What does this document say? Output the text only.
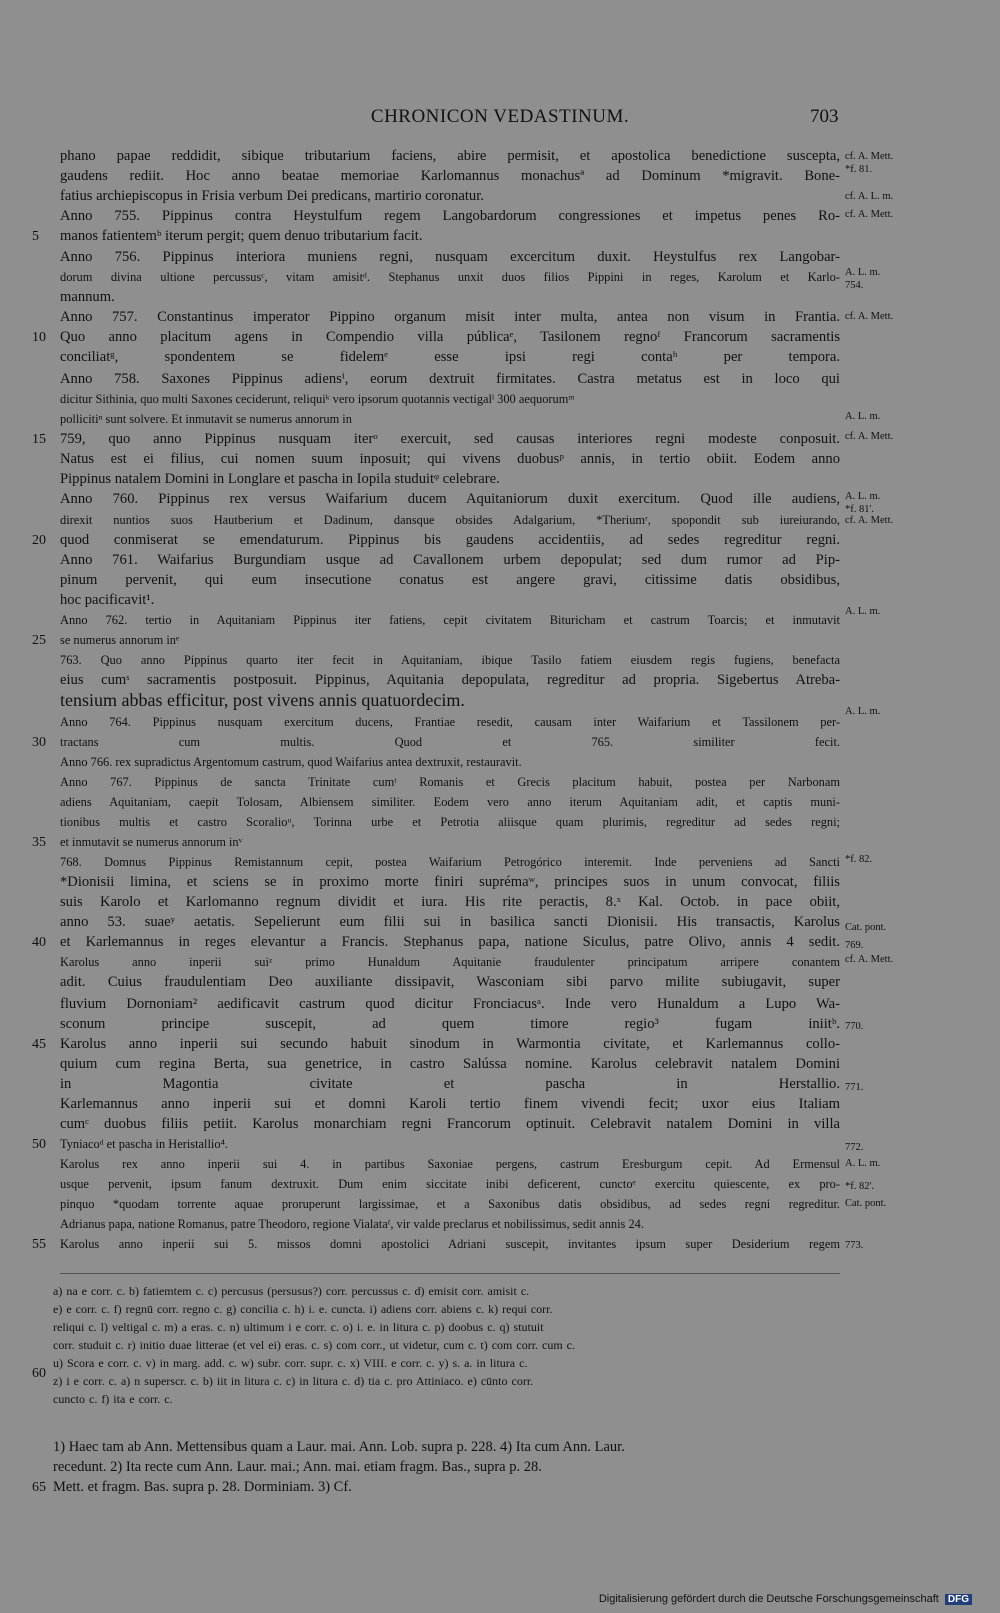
CHRONICON VEDASTINUM.	703
phano papae reddidit, sibique tributarium faciens, abire permisit, et apostolica benedictione suscepta,
gaudens rediit. Hoc anno beatae memoriae Karlomannus monachusª ad Dominum *migravit. Bone-
fatius archiepiscopus in Frisia verbum Dei predicans, martirio coronatur.
Anno 755. Pippinus contra Heystulfum regem Langobardorum congressiones et impetus penes Ro-
manos fatientemᵇ iterum pergit; quem denuo tributarium facit.
Anno 756. Pippinus interiora muniens regni, nusquam excercitum duxit. Heystulfus rex Langobar-
dorum divina ultione percussusᶜ, vitam amisitᵈ. Stephanus unxit duos filios Pippini in reges, Karolum et Karlo-
mannum.
Anno 757. Constantinus imperator Pippino organum misit inter multa, antea non visum in Frantia.
Quo anno placitum agens in Compendio villa públicaᵉ, Tasilonem regnoᶠ Francorum sacramentis
conciliatᵍ, spondentem se fidelemᵉ esse ipsi regi contaʰ per tempora.
Anno 758. Saxones Pippinus adiensⁱ, eorum dextruit firmitates. Castra metatus est in loco qui
dicitur Sithinia, quo multi Saxones ceciderunt, reliquiᵏ vero ipsorum quotannis vectigalˡ 300 aequorumᵐ
pollicitiⁿ sunt solvere. Et inmutavit se numerus annorum in
759, quo anno Pippinus nusquam iterᵒ exercuit, sed causas interiores regni modeste conposuit.
Natus est ei filius, cui nomen suum inposuit; qui vivens duobusᵖ annis, in tertio obiit. Eodem anno
Pippinus natalem Domini in Longlare et pascha in Iopila studuitᵠ celebrare.
Anno 760. Pippinus rex versus Waifarium ducem Aquitaniorum duxit exercitum. Quod ille audiens,
direxit nuntios suos Hautberium et Dadinum, dansque obsides Adalgarium, *Theriumʳ, spopondit sub iureiurando,
quod conmiserat se emendaturum. Pippinus bis gaudens accidentiis, ad sedes regreditur regni.
Anno 761. Waifarius Burgundiam usque ad Cavallonem urbem depopulat; sed dum rumor ad Pip-
pinum pervenit, qui eum insecutione conatus est angere gravi, citissime datis obsidibus,
hoc pacificavit¹.
Anno 762. tertio in Aquitaniam Pippinus iter fatiens, cepit civitatem Bituricham et castrum Toarcis; et inmutavit
se numerus annorum inᵉ
763. Quo anno Pippinus quarto iter fecit in Aquitaniam, ibique Tasilo fatiem eiusdem regis fugiens, benefacta
eius cumˢ sacramentis postposuit. Pippinus, Aquitania depopulata, regreditur ad propria. Sigebertus Atreba-
tensium abbas efficitur, post vivens annis quatuordecim.
Anno 764. Pippinus nusquam exercitum ducens, Frantiae resedit, causam inter Waifarium et Tassilonem per-
tractans cum multis. Quod et 765. similiter fecit.
Anno 766. rex supradictus Argentomum castrum, quod Waifarius antea dextruxit, restauravit.
Anno 767. Pippinus de sancta Trinitate cumᵗ Romanis et Grecis placitum habuit, postea per Narbonam
adiens Aquitaniam, caepit Tolosam, Albiensem similiter. Eodem vero anno iterum Aquitaniam adit, et captis muni-
tionibus multis et castro Scoralioᵘ, Torinna urbe et Petrotia aliisque quam plurimis, regreditur ad sedes regni;
et inmutavit se numerus annorum inᵛ
768. Domnus Pippinus Remistannum cepit, postea Waifarium Petrogórico interemit. Inde perveniens ad Sancti
*Dionisii limina, et sciens se in proximo morte finiri suprémaʷ, principes suos in unum convocat, filiis
suis Karolo et Karlomanno regnum dividit et iura. His rite peractis, 8.ˣ Kal. Octob. in pace obiit,
anno 53. suaeʸ aetatis. Sepelierunt eum filii sui in basilica sancti Dionisii. His transactis, Karolus
et Karlemannus in reges elevantur a Francis. Stephanus papa, natione Siculus, patre Olivo, annis 4 sedit.
Karolus anno inperii suiᶻ primo Hunaldum Aquitanie fraudulenter principatum arripere conantem
adit. Cuius fraudulentiam Deo auxiliante dissipavit, Wasconiam sibi parvo milite subiugavit, super
fluvium Dornoniam² aedificavit castrum quod dicitur Fronciacusᵃ. Inde vero Hunaldum a Lupo Wa-
sconum principe suscepit, ad quem timore regio³ fugam iniitᵇ.
Karolus anno inperii sui secundo habuit sinodum in Warmontia civitate, et Karlemannus collo-
quium cum regina Berta, sua genetrice, in castro Salússa nomine. Karolus celebravit natalem Domini
in Magontia civitate et pascha in Herstallio.
Karlemannus anno inperii sui et domni Karoli tertio finem vivendi fecit; uxor eius Italiam
cumᶜ duobus filiis petiit. Karolus monarchiam regni Francorum optinuit. Celebravit natalem Domini in villa
Tyniacoᵈ et pascha in Heristallio⁴.
Karolus rex anno inperii sui 4. in partibus Saxoniae pergens, castrum Eresburgum cepit. Ad Ermensul
usque pervenit, ipsum fanum dextruxit. Dum enim siccitate inibi deficerent, cunctoᵉ exercitu quiescente, ex pro-
pinquo *quodam torrente aquae proruperunt largissimae, et a Saxonibus datis obsidibus, ad sedes regni regreditur.
Adrianus papa, natione Romanus, patre Theodoro, regione Vialataᶠ, vir valde preclarus et nobilissimus, sedit annis 24.
Karolus anno inperii sui 5. missos domni apostolici Adriani suscepit, invitantes ipsum super Desiderium regem
5
10
15
20
25
30
35
40
45
50
55
cf. A. Mett.
*f. 81.
cf. A. L. m.
cf. A. Mett.
A. L. m.
754.
cf. A. Mett.
A. L. m.
cf. A. Mett.
A. L. m.
*f. 81'.
cf. A. Mett.
A. L. m.
A. L. m.
*f. 82.
Cat. pont.
769.
cf. A. Mett.
770.
771.
772.
A. L. m.
*f. 82'.
Cat. pont.
773.
a) na e corr. c. b) fatiemtem c. c) percusus (persusus?) corr. percussus c. d) emisit corr. amisit c.
e) e corr. c. f) regnū corr. regno c. g) concilia c. h) i. e. cuncta. i) adiens corr. abiens c. k) requi corr.
reliqui c. l) veltigal c. m) a eras. c. n) ultimum i e corr. c. o) i. e. in litura c. p) doobus c. q) stutuit
corr. studuit c. r) initio duae litterae (et vel ei) eras. c. s) com corr., ut videtur, cum c. t) com corr. cum c.
u) Scora e corr. c. v) in marg. add. c. w) subr. corr. supr. c. x) VIII. e corr. c. y) s. a. in litura c.
z) i e corr. c. a) n superscr. c. b) iit in litura c. c) in litura c. d) tia c. pro Attiniaco. e) cūnto corr.
cuncto c. f) ita e corr. c.
60
1) Haec tam ab Ann. Mettensibus quam a Laur. mai. Ann. Lob. supra p. 228. 4) Ita cum Ann. Laur.
recedunt. 2) Ita recte cum Ann. Laur. mai.; Ann. mai. etiam fragm. Bas., supra p. 28.
Mett. et fragm. Bas. supra p. 28. Dorminiam. 3) Cf.
65
Digitalisierung gefördert durch die Deutsche Forschungsgemeinschaft DFG
